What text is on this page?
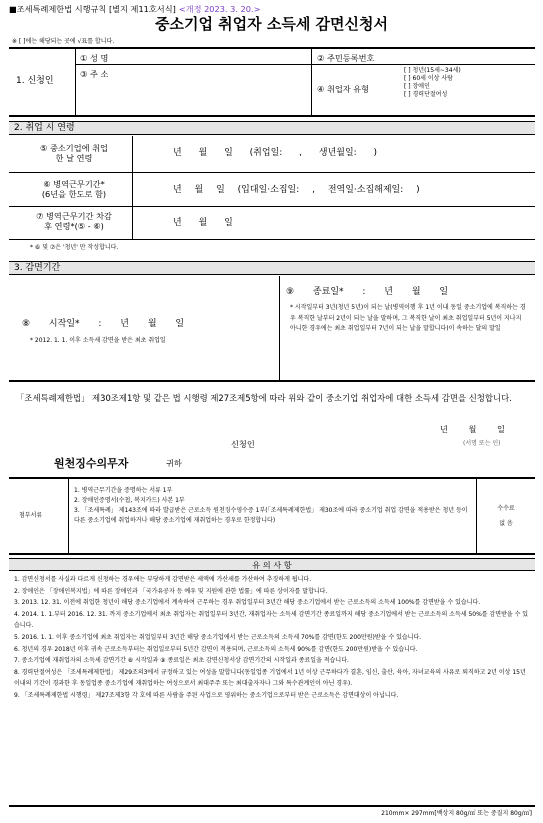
■조세특례제한법 시행규칙 [별지 제11호서식] <개정 2023. 3. 20.>
중소기업 취업자 소득세 감면신청서
※ [ ]에는 해당되는 곳에 √표를 합니다.
1. 신청인
① 성 명	② 주민등록번호
③ 주 소
④ 취업자 유형
[ ] 청년(15세∼34세)
[ ] 60세 이상 사람
[ ] 장애인
[ ] 경력단절여성
2. 취업 시 연령
⑤ 중소기업에 취업
한 날 연령	년 월 일 (취업일: , 생년월일: )
⑥ 병역근무기간*
(6년을 한도로 함)	년 월 일 (입대일·소집일: , 전역일·소집해제일: )
⑦ 병역근무기간 차감
후 연령*(⑤ - ⑥)	년 월 일
* ⑥ 및 ⑦은 '청년' 만 작성합니다.
3. 감면기간
⑧ 시작일* : 년 월 일
* 2012. 1. 1. 이후 소득세 감면을 받은 최초 취업일
⑨ 종료일* : 년 월 일
* 시작일부터 3년(청년 5년)이 되는 날(병역이행 후 1년 이내 동일 중소기업에 복직하는 경우 복직한 날부터 2년이 되는 날을 말하며, 그 복직한 날이 최초 취업일부터 5년이 지나지 아니한 경우에는 최초 취업일부터 7년이 되는 날을 말합니다)이 속하는 달의 말일
「조세특례제한법」 제30조제1항 및 같은 법 시행령 제27조제5항에 따라 위와 같이 중소기업 취업자에 대한 소득세 감면을 신청합니다.
년 월 일
신청인	(서명 또는 인)
원천징수의무자	귀하
첨부서류
1. 병역근무기간을 증명하는 서류 1부
2. 장애인증명서(수첩, 복지카드) 사본 1부
3. 「조세특례」 제143조에 따라 발급받은 근로소득 원천징수영수증 1부(「조세특례제한법」 제30조에 따라 중소기업 취업 감면을 적용받은 청년 등이 다른 중소기업에 취업하거나 해당 중소기업에 재취업하는 경우로 한정합니다)
수수료
없 음
유 의 사 항
1. 감면신청서를 사실과 다르게 신청하는 경우에는 부당하게 감면받은 세액에 가산세를 가산하여 추징하게 됩니다.
2. 장애인은 「장애인복지법」에 따른 장애인과 「국가유공자 등 예우 및 지원에 관한 법률」에 따른 상이자를 말합니다.
3. 2013. 12. 31. 이전에 취업한 청년이 해당 중소기업에서 계속하여 근무하는 경우 취업일부터 3년간 해당 중소기업에서 받는 근로소득의 소득세 100%를 감면받을 수 있습니다.
4. 2014. 1. 1.부터 2016. 12. 31. 까지 중소기업에서 최초 취업자는 취업일부터 3년간, 재취업자는 소득세 감면기간 종료일까지 해당 중소기업에서 받는 근로소득의 소득세 50%를 감면받을 수 있습니다.
5. 2016. 1. 1. 이후 중소기업에 최초 취업자는 취업일부터 3년간 해당 중소기업에서 받는 근로소득의 소득세 70%를 감면(한도 200만원)받을 수 있습니다.
6. 청년의 경우 2018년 이후 귀속 근로소득부터는 취업일로부터 5년간 감면이 적용되며, 근로소득의 소득세 90%를 감면(한도 200만원)받을 수 있습니다.
7. 중소기업에 재취업자의 소득세 감면기간 ⑧ 시작일과 ⑨ 종료일은 최초 감면신청서상 감면기간의 시작일과 종료일을 적습니다.
8. 경력단절여성은 「조세특례제한법」 제29조의3에서 규정하고 있는 여성을 말합니다(동일업종 기업에서 1년 이상 근무하다가 결혼, 임신, 출산, 육아, 자녀교육의 사유로 퇴직하고 2년 이상 15년 이내의 기간이 경과한 후 동일업종 중소기업에 재취업하는 여성으로서 최대주주 또는 최대출자자나 그와 특수관계인이 아닌 경우).
9. 「조세특례제한법 시행령」 제27조제3항 각 호에 따른 사람을 주된 사업으로 영위하는 중소기업으로부터 받은 근로소득은 감면대상이 아닙니다.
210mm× 297mm[백상지 80g/㎡ 또는 중질지 80g/㎡]
